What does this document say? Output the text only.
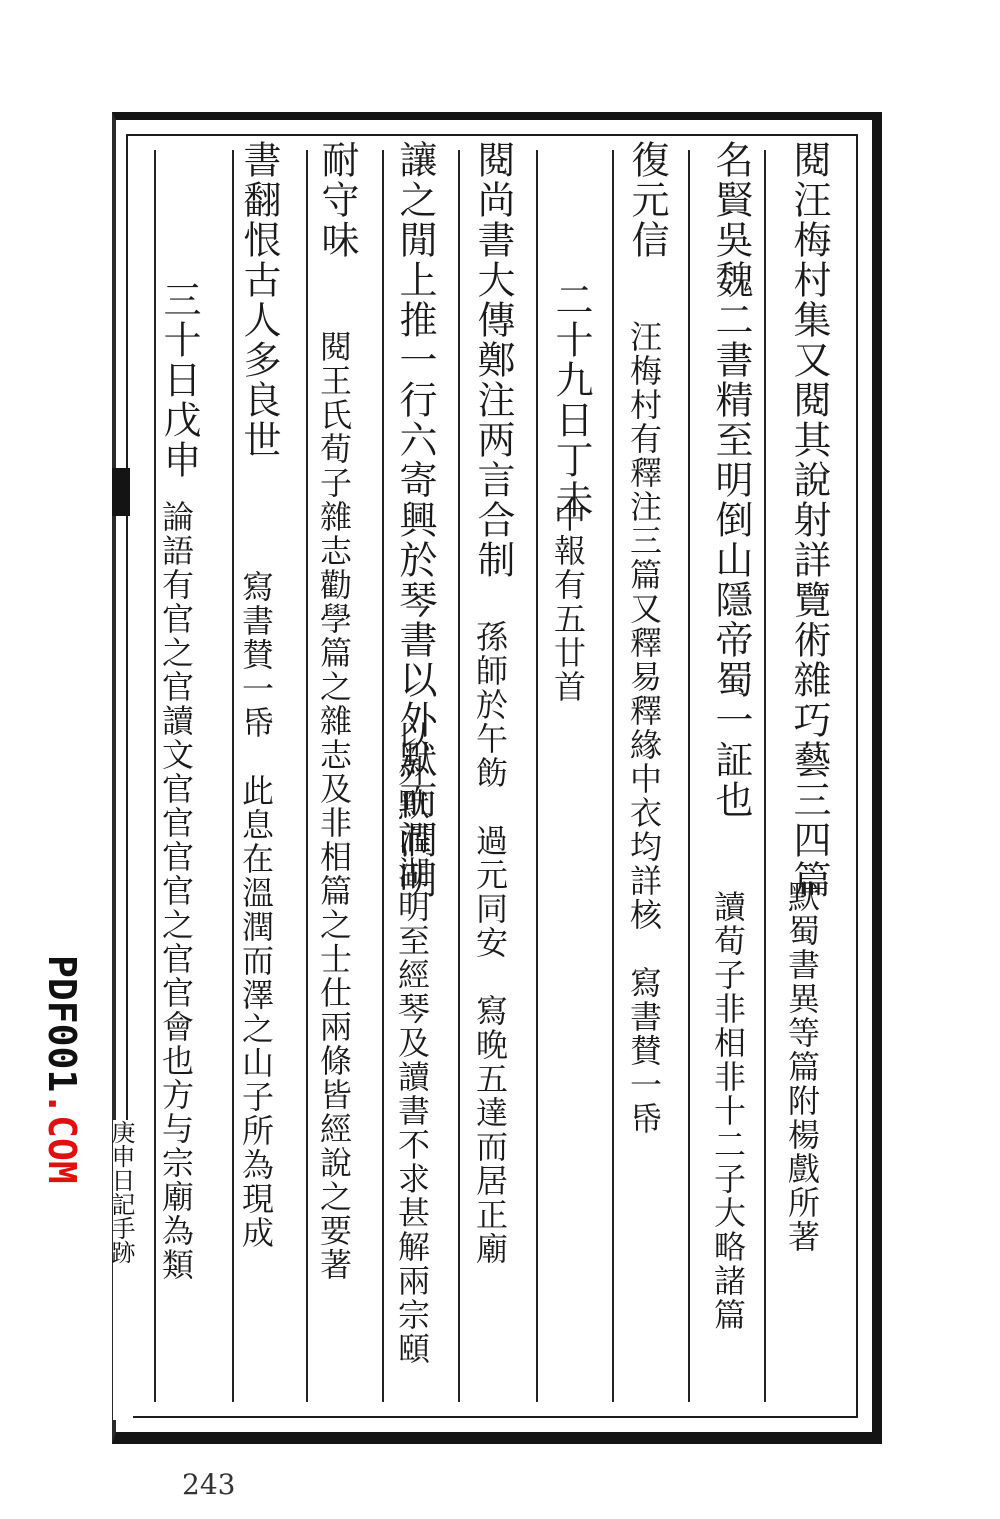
閱汪梅村集又閱其說射詳覽術雜巧藝三四篇
默蜀書異等篇附楊戲所著
名賢吳魏二書精至明倒山隱帝蜀一証也
讀荀子非相非十二子大略諸篇
復元信
汪梅村有釋注三篇又釋易釋緣中衣均詳核　寫書賛一帋
二十九日丁未
中報有五廿首
閱尚書大傳鄭注两言合制
孫師於午飭　過元同安　寫晚五達而居正廟
讓之閒上推一行六寄興於琴書以外默而潤明
以外默而湖明至經琴及讀書不求甚解兩宗頤
耐守味
閱王氏荀子雜志勸學篇之雜志及非相篇之士仕兩條皆經說之要著
書翻恨古人多良世
寫書賛一帋　此息在溫潤而澤之山子所為現成
三十日戊申
論語有官之官讀文官官官官之官官會也方与宗廟為類
庚申日記手跡
PDF001.COM
243
